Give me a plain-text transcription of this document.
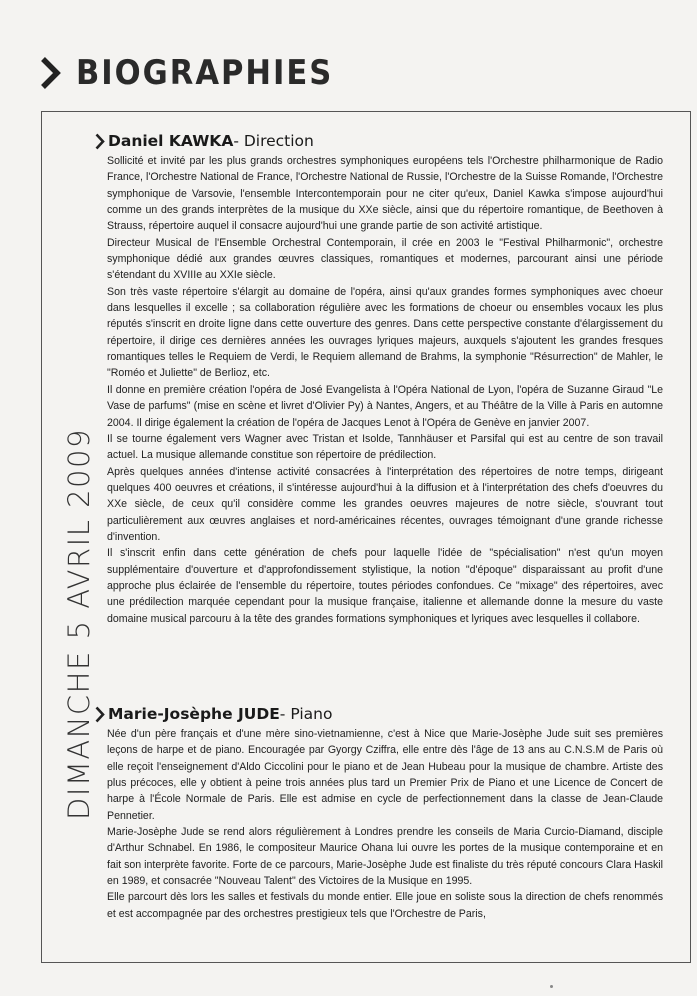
BIOGRAPHIES
DIMANCHE 5 AVRIL 2009
Daniel KAWKA - Direction

Sollicité et invité par les plus grands orchestres symphoniques européens tels l'Orchestre philharmonique de Radio France, l'Orchestre National de France, l'Orchestre National de Russie, l'Orchestre de la Suisse Romande, l'Orchestre symphonique de Varsovie, l'ensemble Intercontemporain pour ne citer qu'eux, Daniel Kawka s'impose aujourd'hui comme un des grands interprètes de la musique du XXe siècle, ainsi que du répertoire romantique, de Beethoven à Strauss, répertoire auquel il consacre aujourd'hui une grande partie de son activité artistique.

Directeur Musical de l'Ensemble Orchestral Contemporain, il crée en 2003 le "Festival Philharmonic", orchestre symphonique dédié aux grandes œuvres classiques, romantiques et modernes, parcourant ainsi une période s'étendant du XVIIIe au XXIe siècle.

Son très vaste répertoire s'élargit au domaine de l'opéra, ainsi qu'aux grandes formes symphoniques avec choeur dans lesquelles il excelle ; sa collaboration régulière avec les formations de choeur ou ensembles vocaux les plus réputés s'inscrit en droite ligne dans cette ouverture des genres. Dans cette perspective constante d'élargissement du répertoire, il dirige ces dernières années les ouvrages lyriques majeurs, auxquels s'ajoutent les grandes fresques romantiques telles le Requiem de Verdi, le Requiem allemand de Brahms, la symphonie "Résurrection" de Mahler, le "Roméo et Juliette" de Berlioz, etc.

Il donne en première création l'opéra de José Evangelista à l'Opéra National de Lyon, l'opéra de Suzanne Giraud "Le Vase de parfums" (mise en scène et livret d'Olivier Py) à Nantes, Angers, et au Théâtre de la Ville à Paris en automne 2004. Il dirige également la création de l'opéra de Jacques Lenot à l'Opéra de Genève en janvier 2007.

Il se tourne également vers Wagner avec Tristan et Isolde, Tannhäuser et Parsifal qui est au centre de son travail actuel. La musique allemande constitue son répertoire de prédilection.

Après quelques années d'intense activité consacrées à l'interprétation des répertoires de notre temps, dirigeant quelques 400 oeuvres et créations, il s'intéresse aujourd'hui à la diffusion et à l'interprétation des chefs d'oeuvres du XXe siècle, de ceux qu'il considère comme les grandes oeuvres majeures de notre siècle, s'ouvrant tout particulièrement aux œuvres anglaises et nord-américaines récentes, ouvrages témoignant d'une grande richesse d'invention.

Il s'inscrit enfin dans cette génération de chefs pour laquelle l'idée de "spécialisation" n'est qu'un moyen supplémentaire d'ouverture et d'approfondissement stylistique, la notion "d'époque" disparaissant au profit d'une approche plus éclairée de l'ensemble du répertoire, toutes périodes confondues. Ce "mixage" des répertoires, avec une prédilection marquée cependant pour la musique française, italienne et allemande donne la mesure du vaste domaine musical parcouru à la tête des grandes formations symphoniques et lyriques avec lesquelles il collabore.

Marie-Josèphe JUDE - Piano

Née d'un père français et d'une mère sino-vietnamienne, c'est à Nice que Marie-Josèphe Jude suit ses premières leçons de harpe et de piano. Encouragée par Gyorgy Cziffra, elle entre dès l'âge de 13 ans au C.N.S.M de Paris où elle reçoit l'enseignement d'Aldo Ciccolini pour le piano et de Jean Hubeau pour la musique de chambre. Artiste des plus précoces, elle y obtient à peine trois années plus tard un Premier Prix de Piano et une Licence de Concert de harpe à l'École Normale de Paris. Elle est admise en cycle de perfectionnement dans la classe de Jean-Claude Pennetier.

Marie-Josèphe Jude se rend alors régulièrement à Londres prendre les conseils de Maria Curcio-Diamand, disciple d'Arthur Schnabel. En 1986, le compositeur Maurice Ohana lui ouvre les portes de la musique contemporaine et en fait son interprète favorite. Forte de ce parcours, Marie-Josèphe Jude est finaliste du très réputé concours Clara Haskil en 1989, et consacrée "Nouveau Talent" des Victoires de la Musique en 1995.

Elle parcourt dès lors les salles et festivals du monde entier. Elle joue en soliste sous la direction de chefs renommés et est accompagnée par des orchestres prestigieux tels que l'Orchestre de Paris,
